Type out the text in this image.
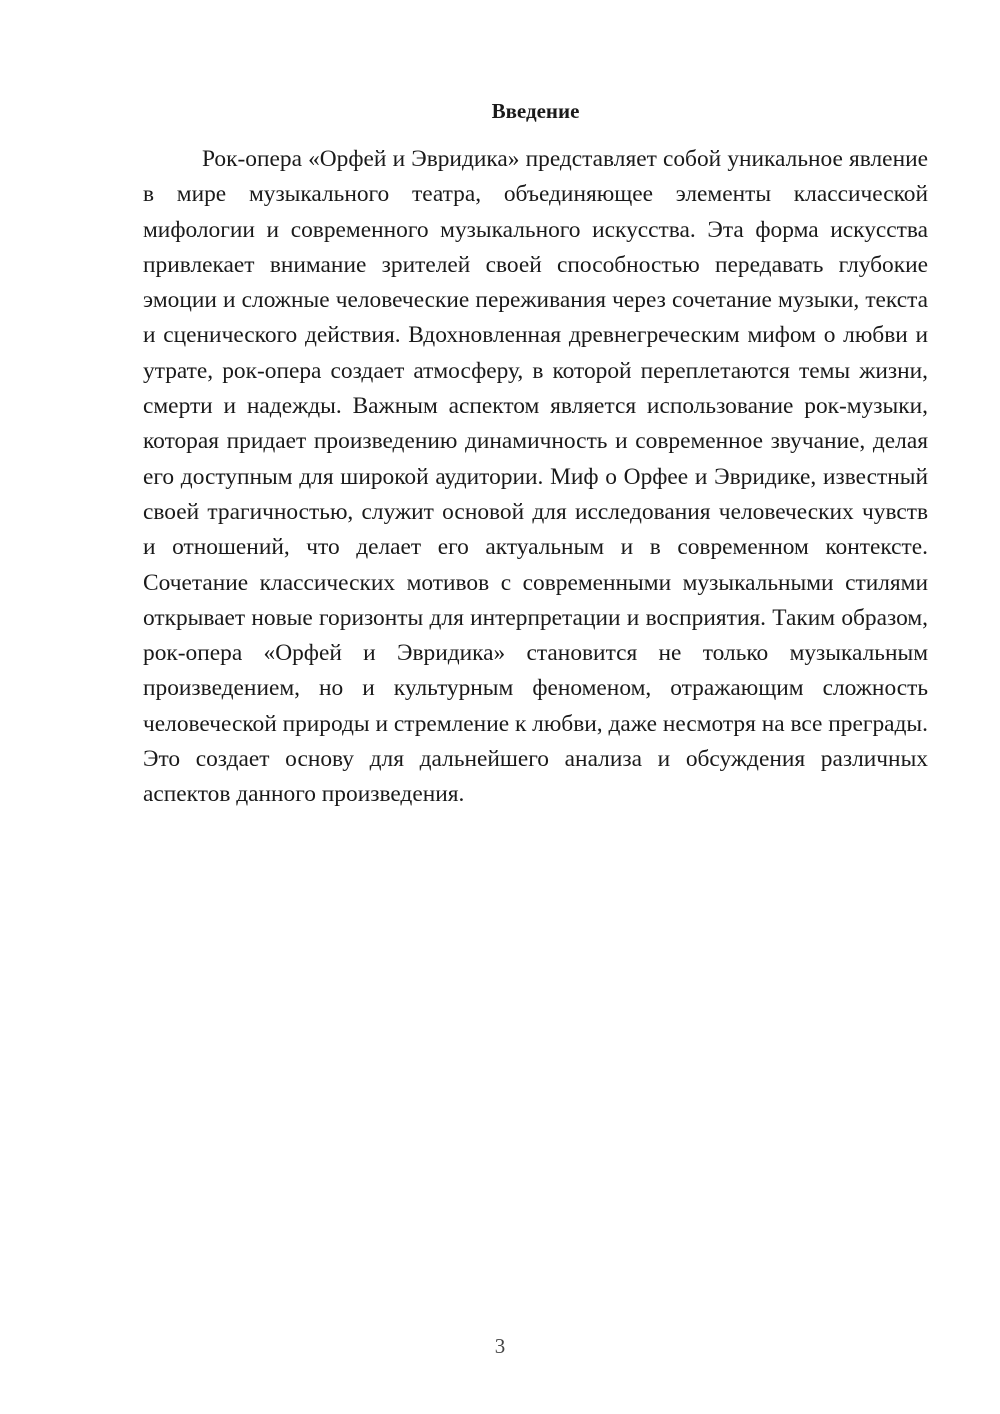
Введение

Рок-опера «Орфей и Эвридика» представляет собой уникальное явление в мире музыкального театра, объединяющее элементы классической мифологии и современного музыкального искусства. Эта форма искусства привлекает внимание зрителей своей способностью передавать глубокие эмоции и сложные человеческие переживания через сочетание музыки, текста и сценического действия. Вдохновленная древнегреческим мифом о любви и утрате, рок-опера создает атмосферу, в которой переплетаются темы жизни, смерти и надежды. Важным аспектом является использование рок-музыки, которая придает произведению динамичность и современное звучание, делая его доступным для широкой аудитории. Миф о Орфее и Эвридике, известный своей трагичностью, служит основой для исследования человеческих чувств и отношений, что делает его актуальным и в современном контексте. Сочетание классических мотивов с современными музыкальными стилями открывает новые горизонты для интерпретации и восприятия. Таким образом, рок-опера «Орфей и Эвридика» становится не только музыкальным произведением, но и культурным феноменом, отражающим сложность человеческой природы и стремление к любви, даже несмотря на все преграды. Это создает основу для дальнейшего анализа и обсуждения различных аспектов данного произведения.

3
